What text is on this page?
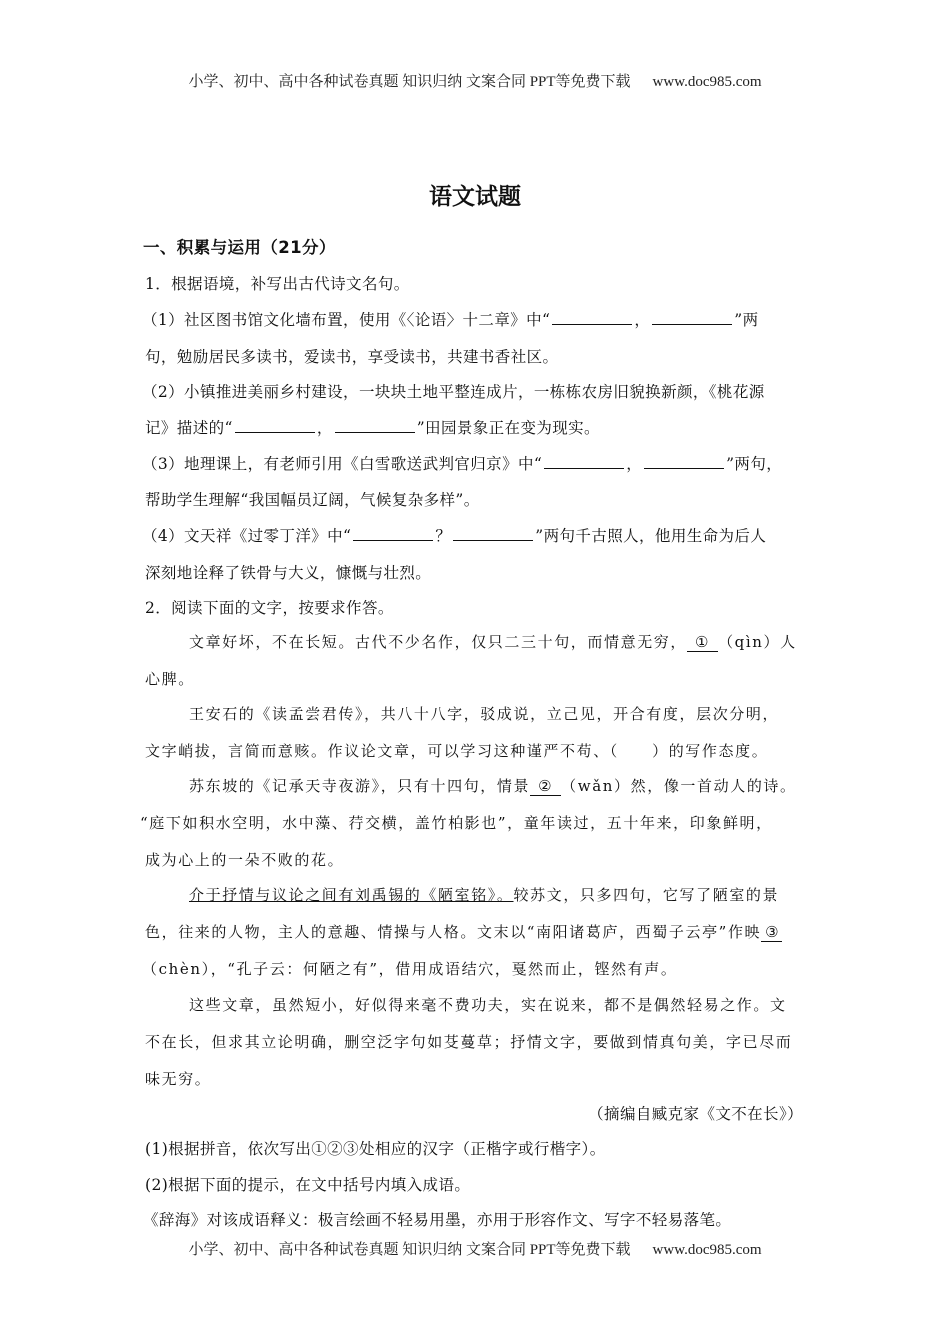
小学、初中、高中各种试卷真题 知识归纳 文案合同 PPT等免费下载 www.doc985.com
语文试题
一、积累与运用（21分）
1．根据语境，补写出古代诗文名句。
（1）社区图书馆文化墙布置，使用《〈论语〉十二章》中“	，	”两
句，勉励居民多读书，爱读书，享受读书，共建书香社区。
（2）小镇推进美丽乡村建设，一块块土地平整连成片，一栋栋农房旧貌换新颜，《桃花源
记》描述的“	，	”田园景象正在变为现实。
（3）地理课上，有老师引用《白雪歌送武判官归京》中“	，	”两句，
帮助学生理解“我国幅员辽阔，气候复杂多样”。
（4）文天祥《过零丁洋》中“	？	”两句千古照人，他用生命为后人
深刻地诠释了铁骨与大义，慷慨与壮烈。
2．阅读下面的文字，按要求作答。
文章好坏，不在长短。古代不少名作，仅只二三十句，而情意无穷， ① （qìn）人
心脾。
王安石的《读孟尝君传》，共八十八字，驳成说，立己见，开合有度，层次分明，
文字峭拔，言简而意赅。作议论文章，可以学习这种谨严不苟、（　　）的写作态度。
苏东坡的《记承天寺夜游》，只有十四句，情景 ② （wǎn）然，像一首动人的诗。
“庭下如积水空明，水中藻、荇交横，盖竹柏影也”，童年读过，五十年来，印象鲜明，
成为心上的一朵不败的花。
介于抒情与议论之间有刘禹锡的《陋室铭》。较苏文，只多四句，它写了陋室的景
色，往来的人物，主人的意趣、情操与人格。文末以“南阳诸葛庐，西蜀子云亭”作映 ③
（chèn），“孔子云：何陋之有”，借用成语结穴，戛然而止，铿然有声。
这些文章，虽然短小，好似得来毫不费功夫，实在说来，都不是偶然轻易之作。文
不在长，但求其立论明确，删空泛字句如芟蔓草；抒情文字，要做到情真句美，字已尽而
味无穷。
（摘编自臧克家《文不在长》）
(1)根据拼音，依次写出①②③处相应的汉字（正楷字或行楷字）。
(2)根据下面的提示，在文中括号内填入成语。
《辞海》对该成语释义：极言绘画不轻易用墨，亦用于形容作文、写字不轻易落笔。
小学、初中、高中各种试卷真题 知识归纳 文案合同 PPT等免费下载 www.doc985.com
